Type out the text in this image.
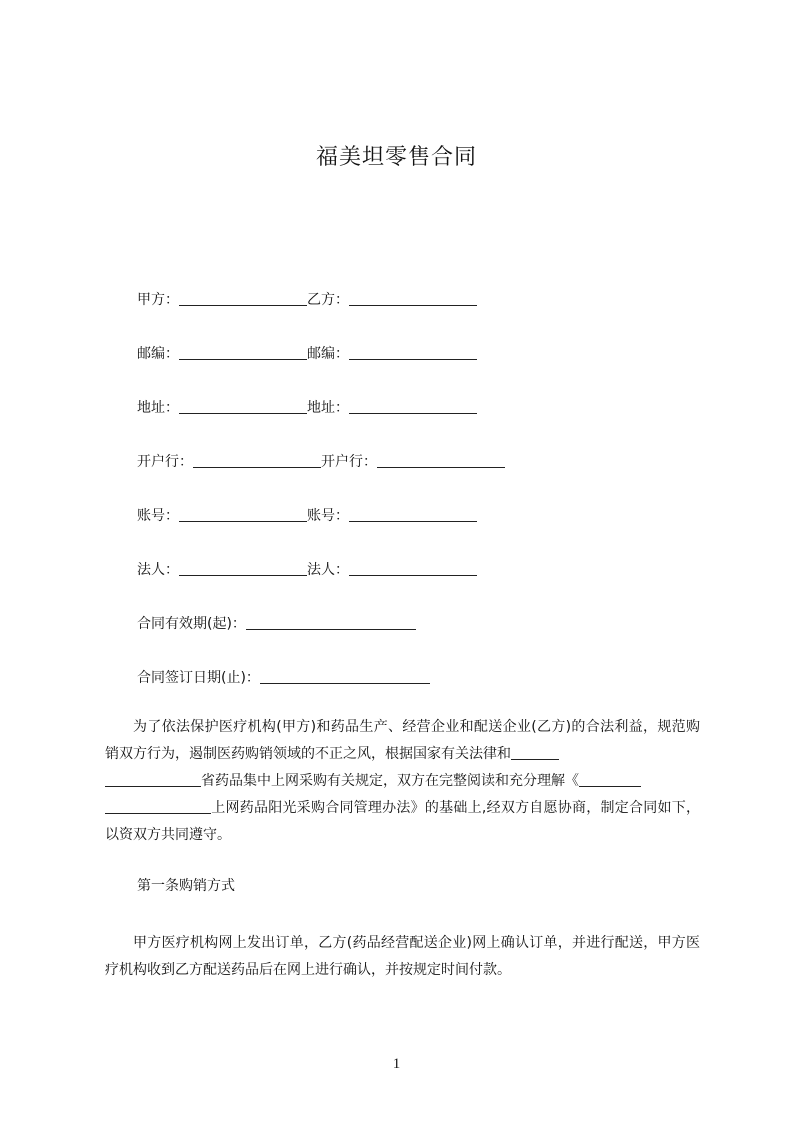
福美坦零售合同
甲方：	乙方：
邮编：	邮编：
地址：	地址：
开户行：	开户行：
账号：	账号：
法人：	法人：
合同有效期(起)：
合同签订日期(止)：

为了依法保护医疗机构(甲方)和药品生产、经营企业和配送企业(乙方)的合法利益，规范购销双方行为，遏制医药购销领域的不正之风，根据国家有关法律和
省药品集中上网采购有关规定，双方在完整阅读和充分理解《
上网药品阳光采购合同管理办法》的基础上,经双方自愿协商，制定合同如下，以资双方共同遵守。

第一条购销方式

甲方医疗机构网上发出订单，乙方(药品经营配送企业)网上确认订单，并进行配送，甲方医疗机构收到乙方配送药品后在网上进行确认，并按规定时间付款。

1
